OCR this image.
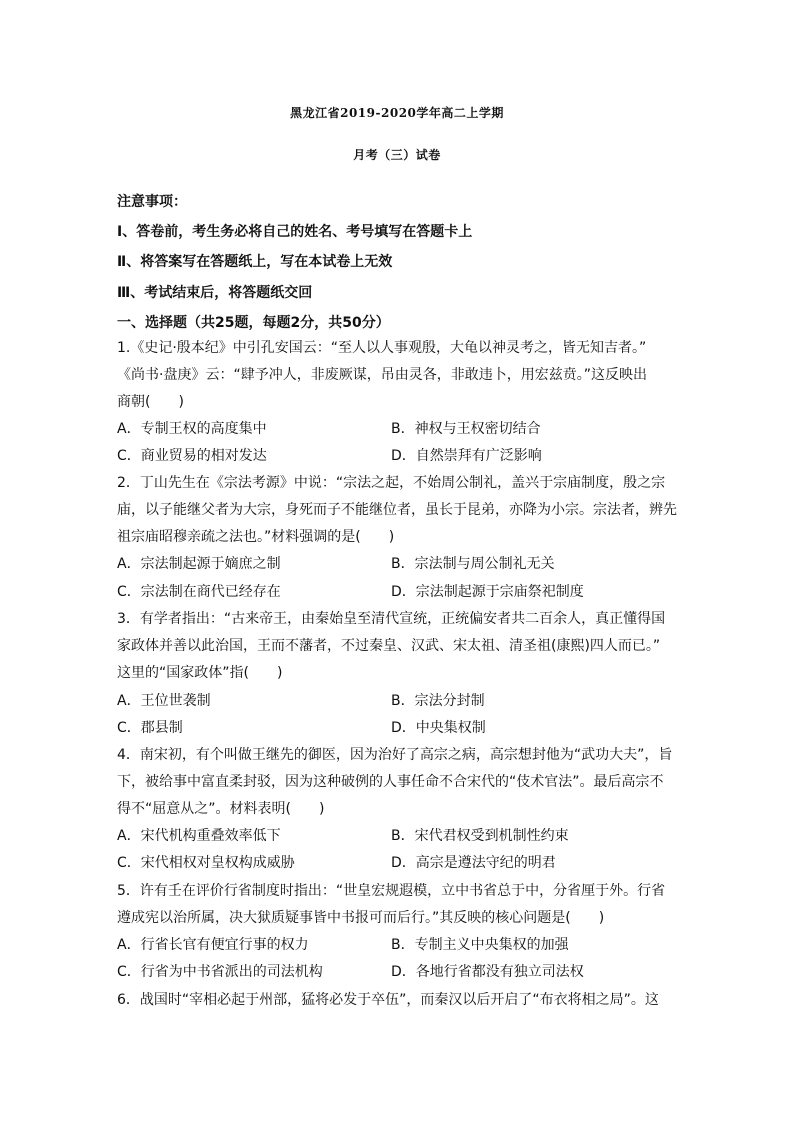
黑龙江省2019-2020学年高二上学期
月考（三）试卷
注意事项：
Ⅰ、答卷前，考生务必将自己的姓名、考号填写在答题卡上
Ⅱ、将答案写在答题纸上，写在本试卷上无效
Ⅲ、考试结束后，将答题纸交回
一、选择题（共25题，每题2分，共50分）
1.《史记·殷本纪》中引孔安国云：“至人以人事观殷，大龟以神灵考之，皆无知吉者。”
《尚书·盘庚》云：“肆予冲人，非废厥谋，吊由灵各，非敢违卜，用宏兹贲。”这反映出
商朝(　　)
A．专制王权的高度集中	B．神权与王权密切结合
C．商业贸易的相对发达	D．自然崇拜有广泛影响
2．丁山先生在《宗法考源》中说：“宗法之起，不始周公制礼，盖兴于宗庙制度，殷之宗
庙，以子能继父者为大宗，身死而子不能继位者，虽长于昆弟，亦降为小宗。宗法者，辨先
祖宗庙昭穆亲疏之法也。”材料强调的是(　　)
A．宗法制起源于嫡庶之制	B．宗法制与周公制礼无关
C．宗法制在商代已经存在	D．宗法制起源于宗庙祭祀制度
3．有学者指出：“古来帝王，由秦始皇至清代宣统，正统偏安者共二百余人，真正懂得国
家政体并善以此治国，王而不藩者，不过秦皇、汉武、宋太祖、清圣祖(康熙)四人而已。”
这里的“国家政体”指(　　)
A．王位世袭制	B．宗法分封制
C．郡县制	D．中央集权制
4．南宋初，有个叫做王继先的御医，因为治好了高宗之病，高宗想封他为“武功大夫”，旨
下，被给事中富直柔封驳，因为这种破例的人事任命不合宋代的“伎术官法”。最后高宗不
得不“屈意从之”。材料表明(　　)
A．宋代机构重叠效率低下	B．宋代君权受到机制性约束
C．宋代相权对皇权构成威胁	D．高宗是遵法守纪的明君
5．许有壬在评价行省制度时指出：“世皇宏规遐模，立中书省总于中，分省厘于外。行省
遵成宪以治所属，决大狱质疑事皆中书报可而后行。”其反映的核心问题是(　　)
A．行省长官有便宜行事的权力	B．专制主义中央集权的加强
C．行省为中书省派出的司法机构	D．各地行省都没有独立司法权
6．战国时“宰相必起于州部，猛将必发于卒伍”，而秦汉以后开启了“布衣将相之局”。这
